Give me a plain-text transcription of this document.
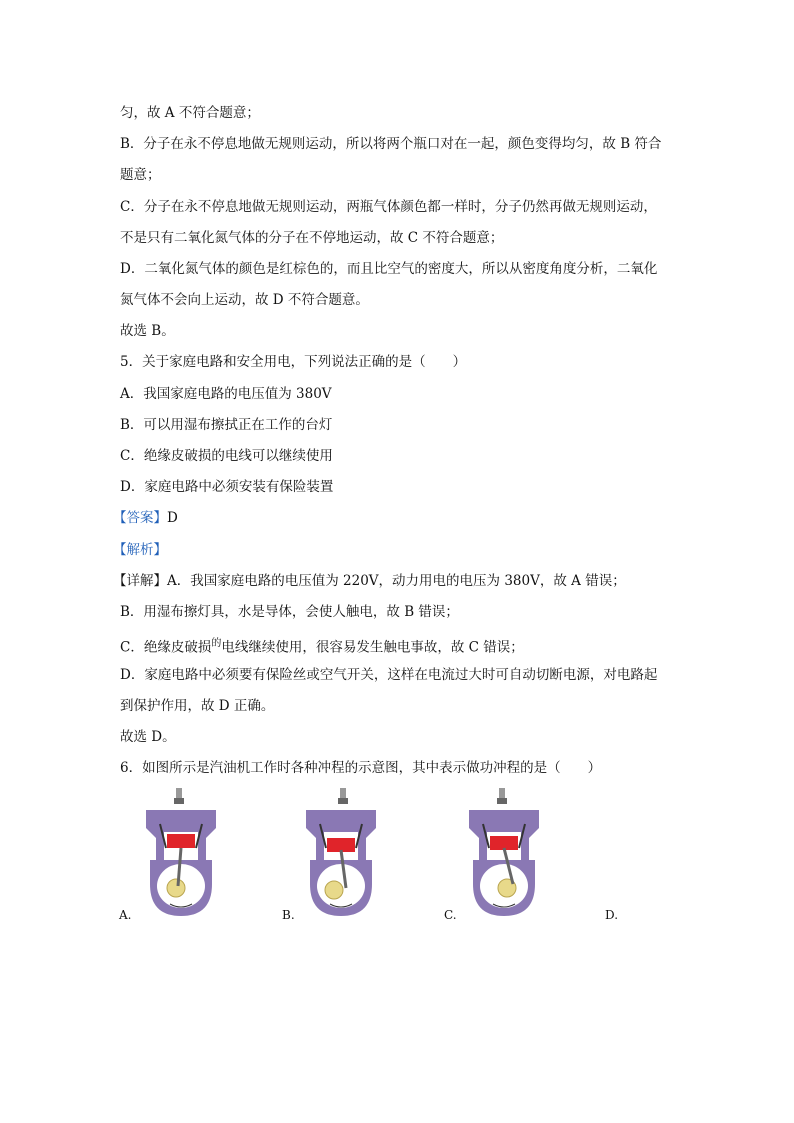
匀，故 A 不符合题意；
B．分子在永不停息地做无规则运动，所以将两个瓶口对在一起，颜色变得均匀，故 B 符合
题意；
C．分子在永不停息地做无规则运动，两瓶气体颜色都一样时，分子仍然再做无规则运动，
不是只有二氧化氮气体的分子在不停地运动，故 C 不符合题意；
D．二氧化氮气体的颜色是红棕色的，而且比空气的密度大，所以从密度角度分析，二氧化
氮气体不会向上运动，故 D 不符合题意。
故选 B。
5．关于家庭电路和安全用电，下列说法正确的是（　　）
A．我国家庭电路的电压值为 380V
B．可以用湿布擦拭正在工作的台灯
C．绝缘皮破损的电线可以继续使用
D．家庭电路中必须安装有保险装置
【答案】D
【解析】
【详解】A．我国家庭电路的电压值为 220V，动力用电的电压为 380V，故 A 错误；
B．用湿布擦灯具，水是导体，会使人触电，故 B 错误；
C．绝缘皮破损$^的$电线继续使用，很容易发生触电事故，故 C 错误；
D．家庭电路中必须要有保险丝或空气开关，这样在电流过大时可自动切断电源，对电路起
到保护作用，故 D 正确。
故选 D。
6．如图所示是汽油机工作时各种冲程的示意图，其中表示做功冲程的是（　　）
A.	B.	C.	D.
